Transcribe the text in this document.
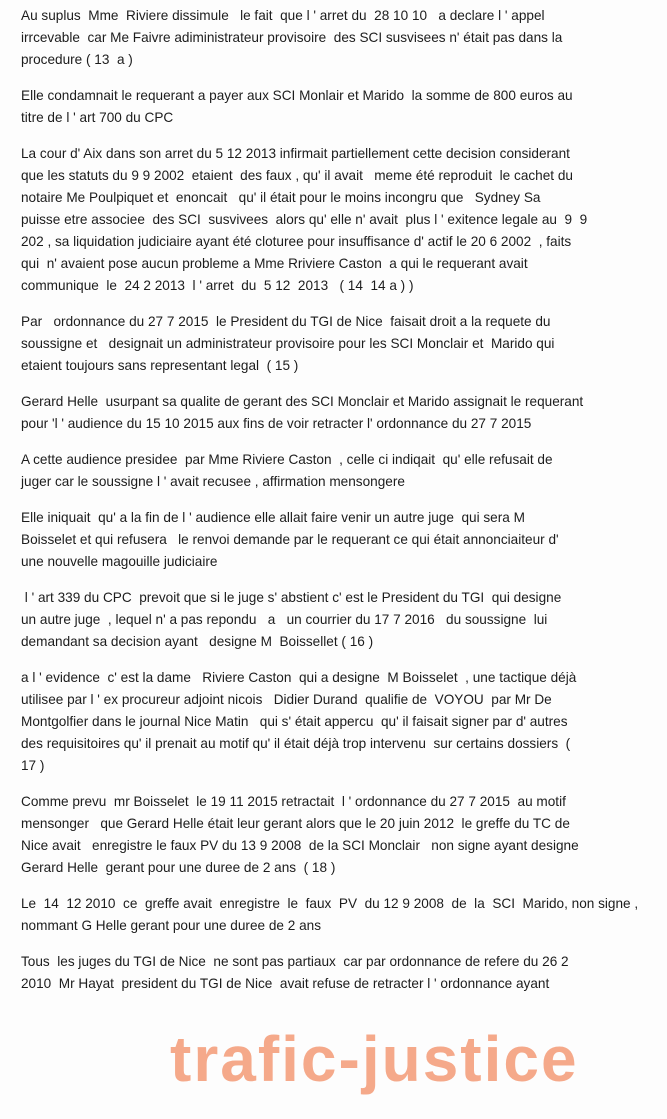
Au suplus  Mme  Riviere dissimule   le fait  que l ' arret du  28 10 10   a declare l ' appel
irrcevable  car Me Faivre adiministrateur provisoire  des SCI susvisees n' était pas dans la
procedure ( 13  a )
Elle condamnait le requerant a payer aux SCI Monlair et Marido  la somme de 800 euros au
titre de l ' art 700 du CPC
La cour d' Aix dans son arret du 5 12 2013 infirmait partiellement cette decision considerant
que les statuts du 9 9 2002  etaient  des faux , qu' il avait   meme été reproduit  le cachet du
notaire Me Poulpiquet et  enoncait   qu' il était pour le moins incongru que   Sydney Sa
puisse etre associee  des SCI  susvivees  alors qu' elle n' avait  plus l ' exitence legale au  9  9
202 , sa liquidation judiciaire ayant été cloturee pour insuffisance d' actif le 20 6 2002  , faits
qui  n' avaient pose aucun probleme a Mme Rriviere Caston  a qui le requerant avait
communique  le  24 2 2013  l ' arret  du  5 12  2013   ( 14  14 a ) )
Par   ordonnance du 27 7 2015  le President du TGI de Nice  faisait droit a la requete du
soussigne et   designait un administrateur provisoire pour les SCI Monclair et  Marido qui
etaient toujours sans representant legal  ( 15 )
Gerard Helle  usurpant sa qualite de gerant des SCI Monclair et Marido assignait le requerant
pour 'l ' audience du 15 10 2015 aux fins de voir retracter l' ordonnance du 27 7 2015
A cette audience presidee  par Mme Riviere Caston  , celle ci indiqait  qu' elle refusait de
juger car le soussigne l ' avait recusee , affirmation mensongere
Elle iniquait  qu' a la fin de l ' audience elle allait faire venir un autre juge  qui sera M
Boisselet et qui refusera   le renvoi demande par le requerant ce qui était annonciaiteur d'
une nouvelle magouille judiciaire
l ' art 339 du CPC  prevoit que si le juge s' abstient c' est le President du TGI  qui designe
un autre juge  , lequel n' a pas repondu   a   un courrier du 17 7 2016   du soussigne  lui
demandant sa decision ayant   designe M  Boissellet ( 16 )
a l ' evidence  c' est la dame   Riviere Caston  qui a designe  M Boisselet  , une tactique déjà
utilisee par l ' ex procureur adjoint nicois   Didier Durand  qualifie de  VOYOU  par Mr De
Montgolfier dans le journal Nice Matin   qui s' était appercu  qu' il faisait signer par d' autres
des requisitoires qu' il prenait au motif qu' il était déjà trop intervenu  sur certains dossiers  (
17 )
Comme prevu  mr Boisselet  le 19 11 2015 retractait  l ' ordonnance du 27 7 2015  au motif
mensonger   que Gerard Helle était leur gerant alors que le 20 juin 2012  le greffe du TC de
Nice avait   enregistre le faux PV du 13 9 2008  de la SCI Monclair   non signe ayant designe
Gerard Helle  gerant pour une duree de 2 ans  ( 18 )
Le  14  12 2010  ce  greffe avait  enregistre  le  faux  PV  du 12 9 2008  de  la  SCI  Marido, non signe ,
nommant G Helle gerant pour une duree de 2 ans
Tous  les juges du TGI de Nice  ne sont pas partiaux  car par ordonnance de refere du 26 2
2010  Mr Hayat  president du TGI de Nice  avait refuse de retracter l ' ordonnance ayant
trafic-justice
